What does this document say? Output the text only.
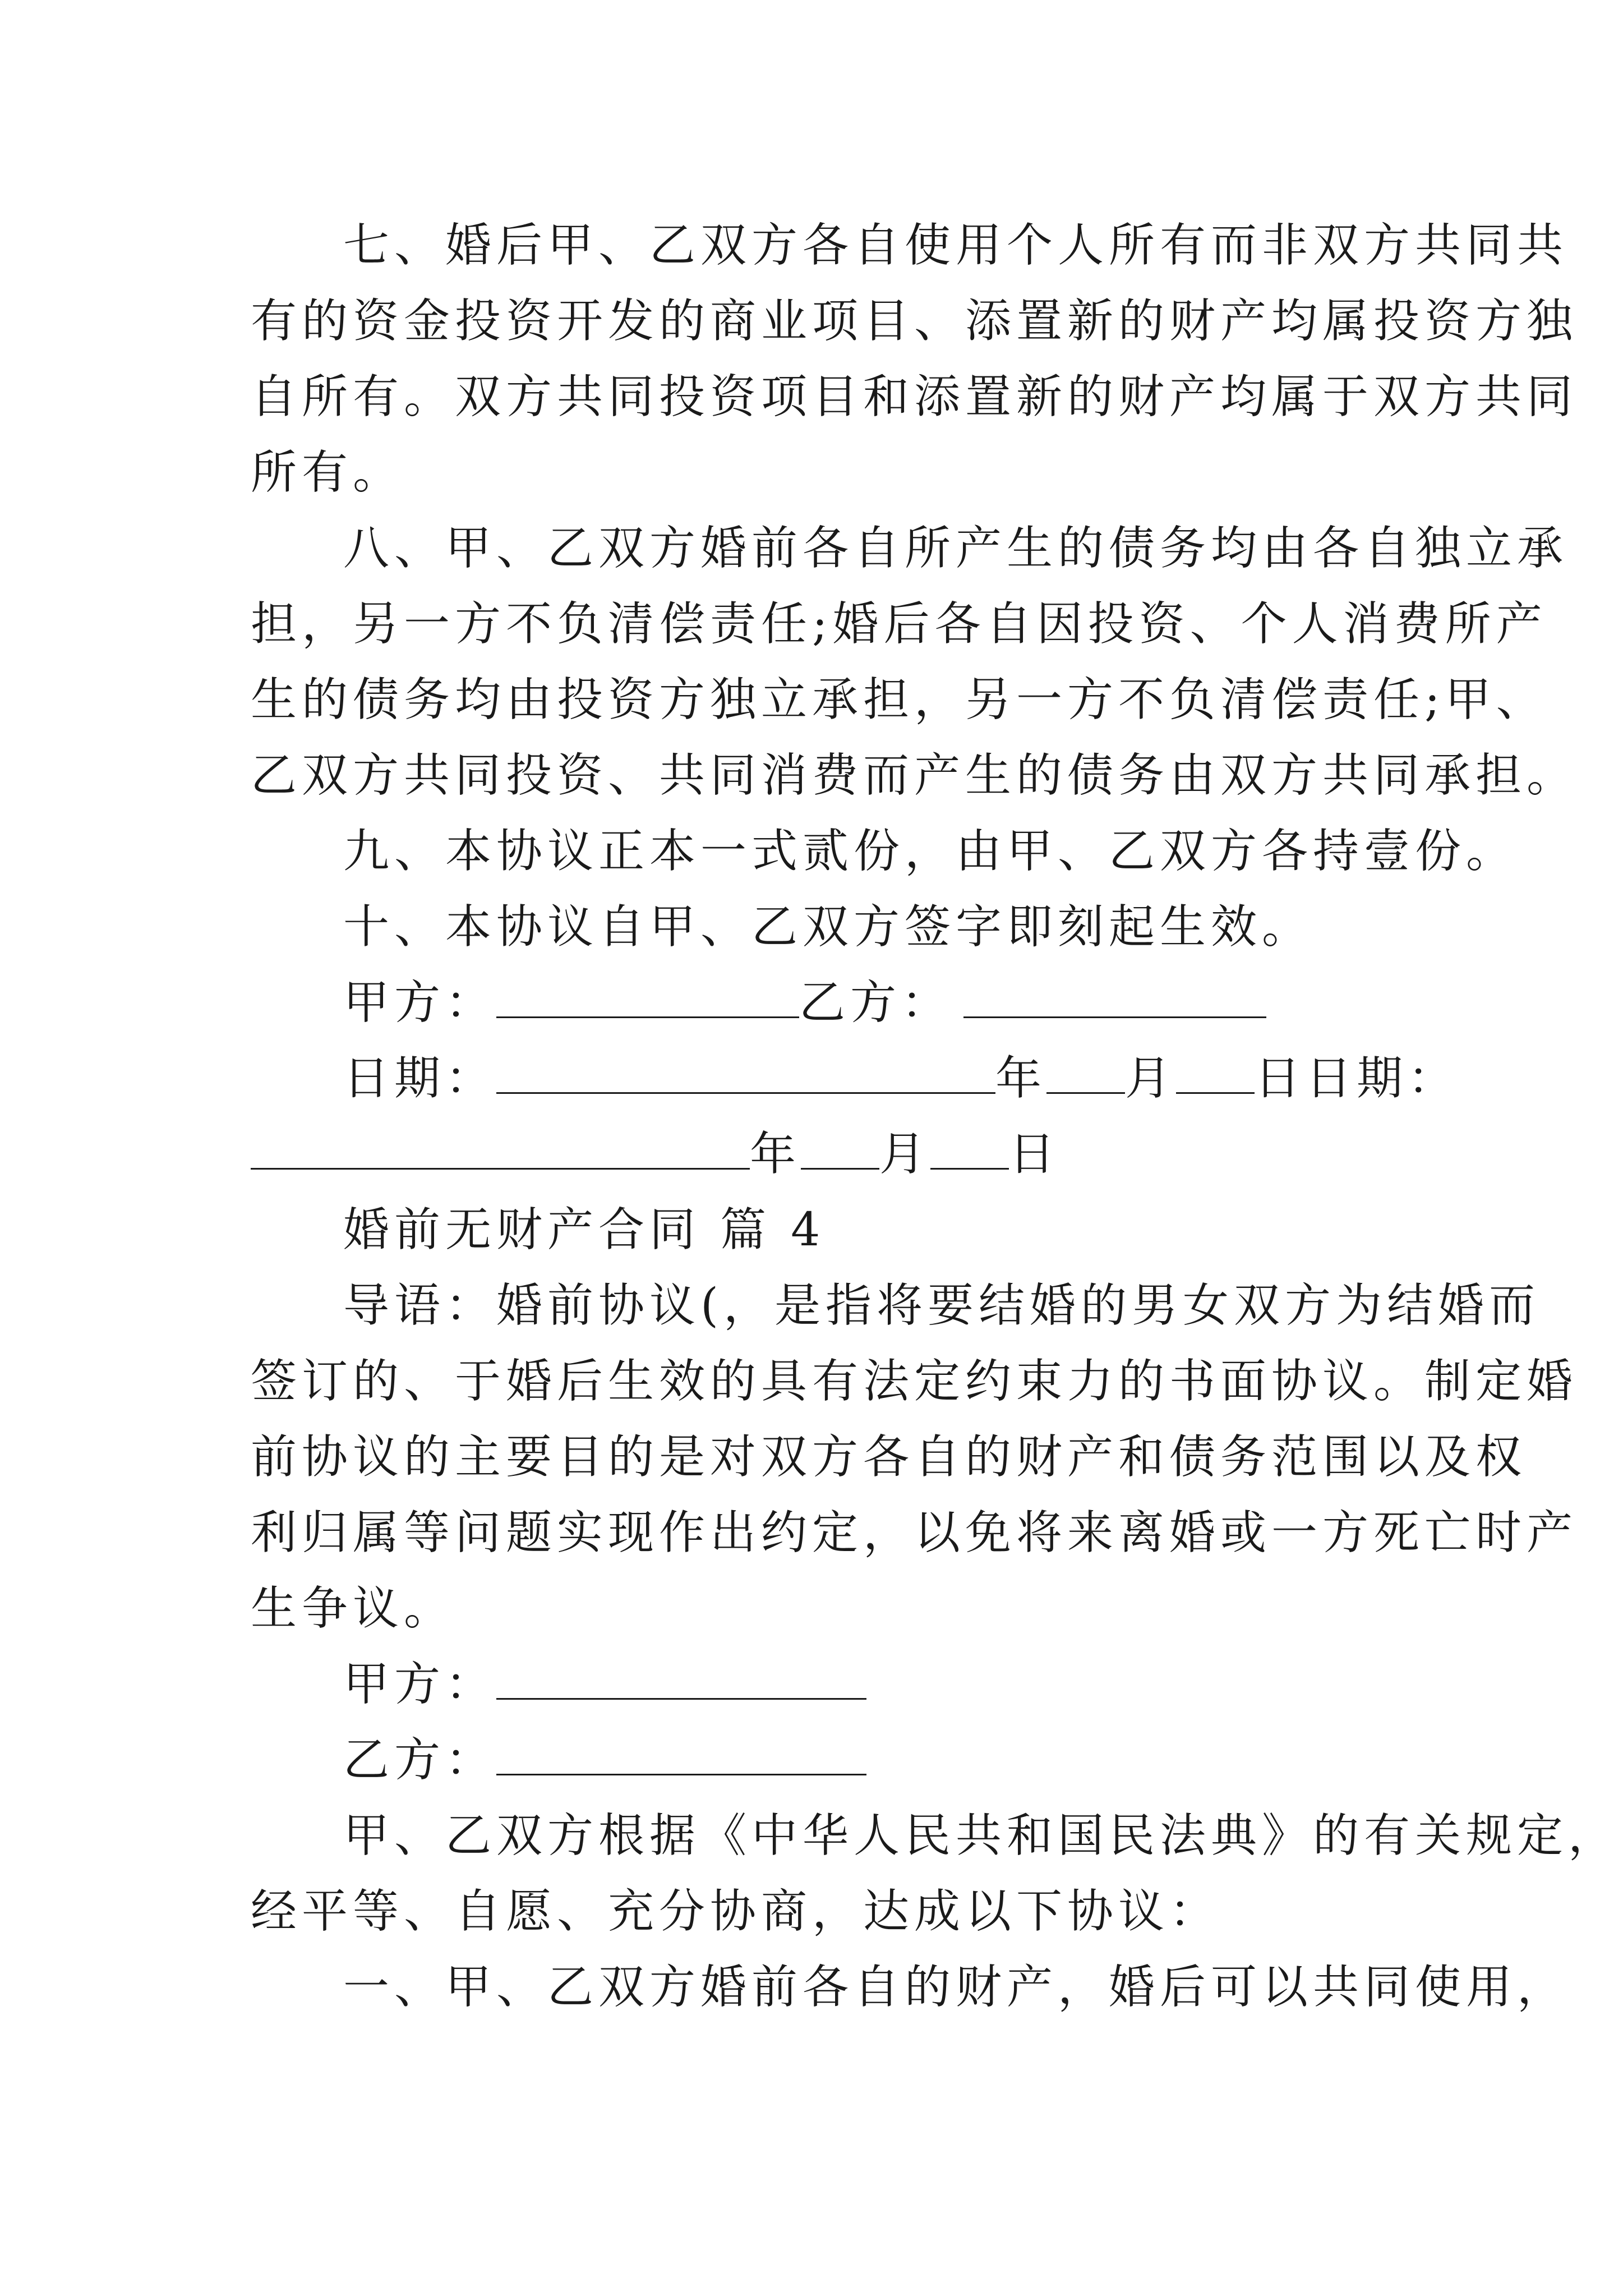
七、婚后甲、乙双方各自使用个人所有而非双方共同共
有的资金投资开发的商业项目、添置新的财产均属投资方独
自所有。双方共同投资项目和添置新的财产均属于双方共同
所有。
八、甲、乙双方婚前各自所产生的债务均由各自独立承
担，另一方不负清偿责任;婚后各自因投资、个人消费所产
生的债务均由投资方独立承担，另一方不负清偿责任;甲、
乙双方共同投资、共同消费而产生的债务由双方共同承担。
九、本协议正本一式贰份，由甲、乙双方各持壹份。
十、本协议自甲、乙双方签字即刻起生效。
甲方：	乙方：
日期：	年 月 日日期：
年 月 日
婚前无财产合同 篇 4
导语：婚前协议(，是指将要结婚的男女双方为结婚而
签订的、于婚后生效的具有法定约束力的书面协议。制定婚
前协议的主要目的是对双方各自的财产和债务范围以及权
利归属等问题实现作出约定，以免将来离婚或一方死亡时产
生争议。
甲方：
乙方：
甲、乙双方根据《中华人民共和国民法典》的有关规定，
经平等、自愿、充分协商，达成以下协议：
一、甲、乙双方婚前各自的财产，婚后可以共同使用，
